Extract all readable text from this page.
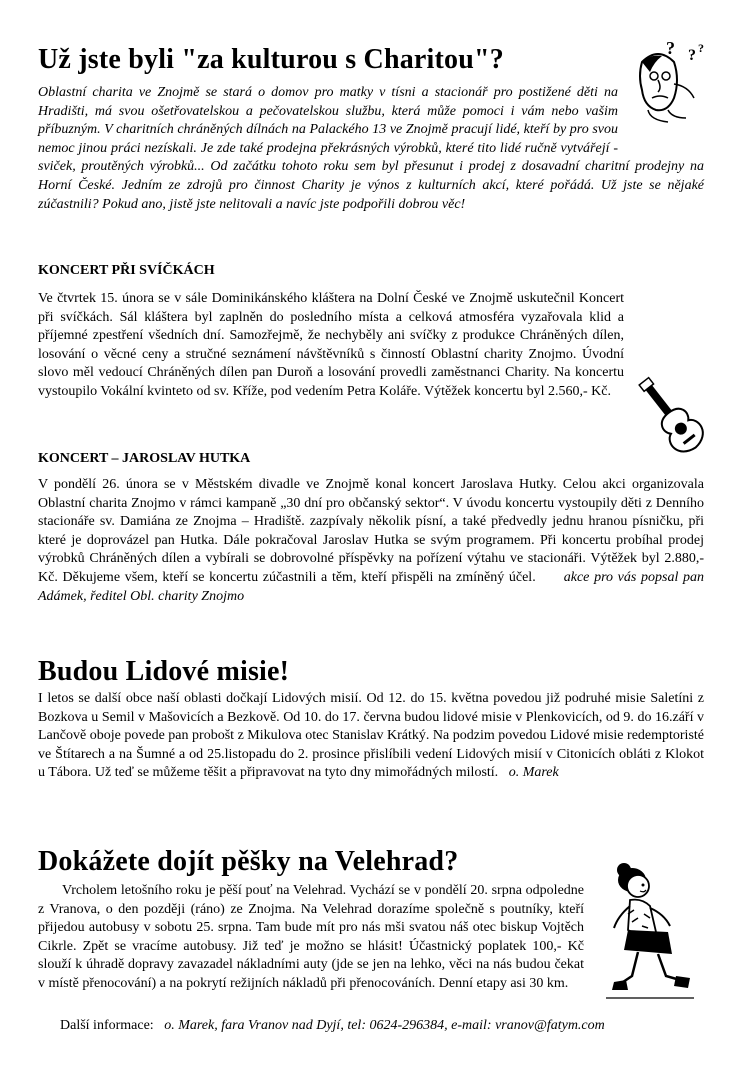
Už jste byli "za kulturou s Charitou"?	? ? ?

Oblastní charita ve Znojmě se stará o domov pro matky v tísni a stacionář pro postižené děti na Hradišti, má svou ošetřovatelskou a pečovatelskou službu, která může pomoci i vám nebo vašim příbuzným. V charitních chráněných dílnách na Palackého 13 ve Znojmě pracují lidé, kteří by pro svou nemoc jinou práci nezískali. Je zde také prodejna překrásných výrobků, které tito lidé ručně vytvářejí - sviček, proutěných výrobků... Od začátku tohoto roku sem byl přesunut i prodej z dosavadní charitní prodejny na Horní České. Jedním ze zdrojů pro činnost Charity je výnos z kulturních akcí, které pořádá. Už jste se nějaké zúčastnili? Pokud ano, jistě jste nelitovali a navíc jste podpořili dobrou věc!

KONCERT PŘI SVÍČKÁCH

Ve čtvrtek 15. února se v sále Dominikánského kláštera na Dolní České ve Znojmě uskutečnil Koncert při svíčkách. Sál kláštera byl zaplněn do posledního místa a celková atmosféra vyzařovala klid a příjemné zpestření všedních dní. Samozřejmě, že nechyběly ani svíčky z produkce Chráněných dílen, losování o věcné ceny a stručné seznámení návštěvníků s činností Oblastní charity Znojmo. Úvodní slovo měl vedoucí Chráněných dílen pan Duroň a losování provedli zaměstnanci Charity. Na koncertu vystoupilo Vokální kvinteto od sv. Kříže, pod vedením Petra Koláře. Výtěžek koncertu byl 2.560,- Kč.

KONCERT – JAROSLAV HUTKA

V pondělí 26. února se v Městském divadle ve Znojmě konal koncert Jaroslava Hutky. Celou akci organizovala Oblastní charita Znojmo v rámci kampaně „30 dní pro občanský sektor“. V úvodu koncertu vystoupily děti z Denního stacionáře sv. Damiána ze Znojma – Hradiště. zazpívaly několik písní, a také předvedly jednu hranou písničku, při které je doprovázel pan Hutka. Dále pokračoval Jaroslav Hutka se svým programem. Při koncertu probíhal prodej výrobků Chráněných dílen a vybírali se dobrovolné příspěvky na pořízení výtahu ve stacionáři. Výtěžek byl 2.880,- Kč. Děkujeme všem, kteří se koncertu zúčastnili a těm, kteří přispěli na zmíněný účel. akce pro vás popsal pan Adámek, ředitel Obl. charity Znojmo

Budou Lidové misie!

I letos se další obce naší oblasti dočkají Lidových misií. Od 12. do 15. května povedou již podruhé misie Saletíni z Bozkova u Semil v Mašovicích a Bezkově. Od 10. do 17. června budou lidové misie v Plenkovicích, od 9. do 16.září v Lančově oboje povede pan probošt z Mikulova otec Stanislav Krátký. Na podzim povedou Lidové misie redemptoristé ve Štítarech a na Šumné a od 25.listopadu do 2. prosince přislíbili vedení Lidových misií v Citonicích obláti z Klokot u Tábora. Už teď se můžeme těšit a připravovat na tyto dny mimořádných milostí. o. Marek

Dokážete dojít pěšky na Velehrad?

Vrcholem letošního roku je pěší pouť na Velehrad. Vychází se v pondělí 20. srpna odpoledne z Vranova, o den později (ráno) ze Znojma. Na Velehrad dorazíme společně s poutníky, kteří přijedou autobusy v sobotu 25. srpna. Tam bude mít pro nás mši svatou náš otec biskup Vojtěch Cikrle. Zpět se vracíme autobusy. Již teď je možno se hlásit! Účastnický poplatek 100,- Kč slouží k úhradě dopravy zavazadel nákladními auty (jde se jen na lehko, věci na nás budou čekat v místě přenocování) a na pokrytí režijních nákladů při přenocováních. Denní etapy asi 30 km.

Další informace: o. Marek, fara Vranov nad Dyjí, tel: 0624-296384, e-mail: vranov@fatym.com
